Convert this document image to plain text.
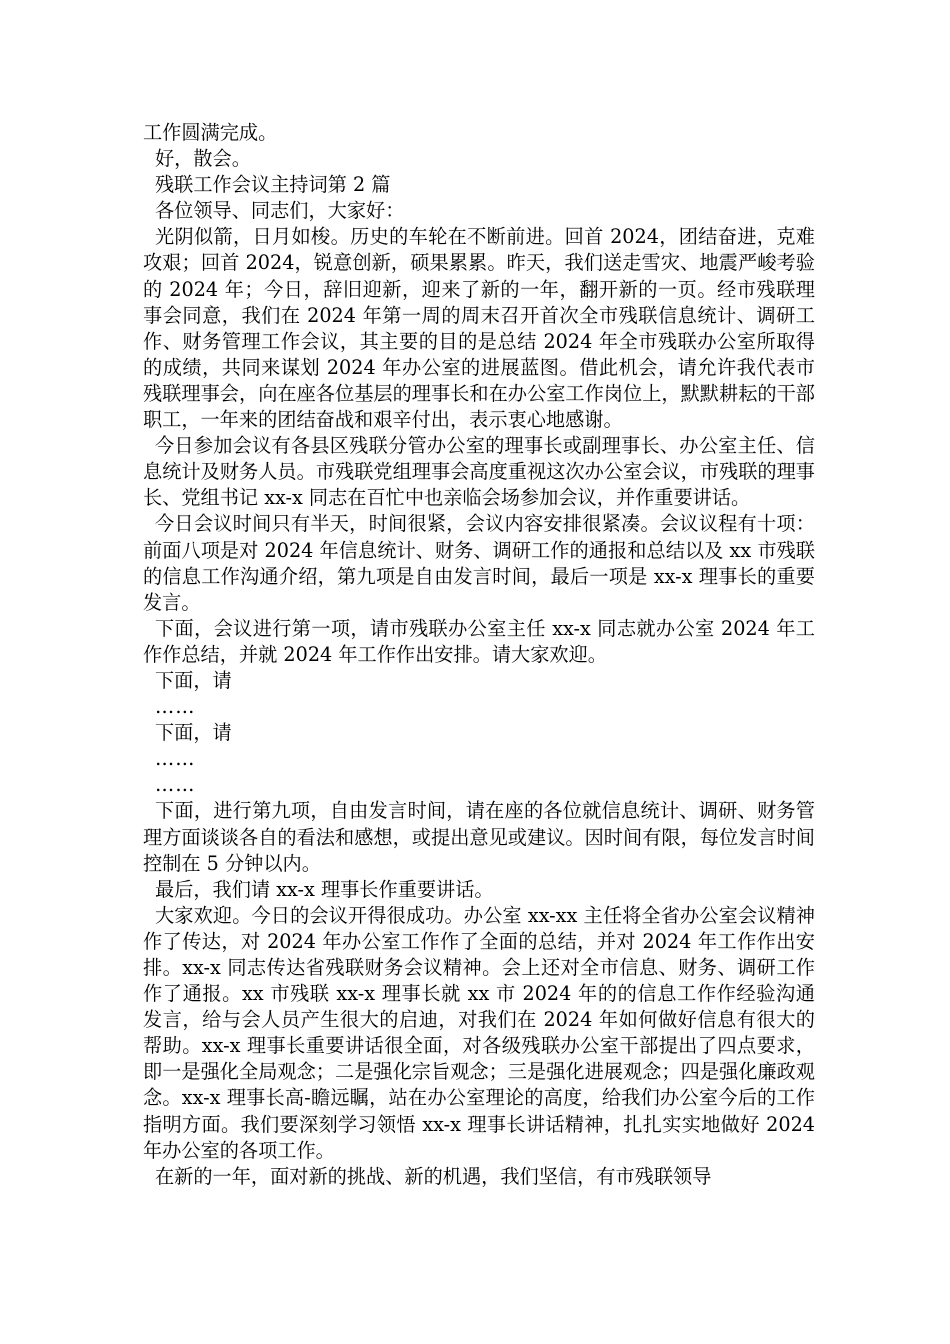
工作圆满完成。

好，散会。

残联工作会议主持词第 2 篇

各位领导、同志们，大家好：

光阴似箭，日月如梭。历史的车轮在不断前进。回首 2024，团结奋进，克难攻艰；回首 2024，锐意创新，硕果累累。昨天，我们送走雪灾、地震严峻考验的 2024 年；今日，辞旧迎新，迎来了新的一年，翻开新的一页。经市残联理事会同意，我们在 2024 年第一周的周末召开首次全市残联信息统计、调研工作、财务管理工作会议，其主要的目的是总结 2024 年全市残联办公室所取得的成绩，共同来谋划 2024 年办公室的进展蓝图。借此机会，请允许我代表市残联理事会，向在座各位基层的理事长和在办公室工作岗位上，默默耕耘的干部职工，一年来的团结奋战和艰辛付出，表示衷心地感谢。

今日参加会议有各县区残联分管办公室的理事长或副理事长、办公室主任、信息统计及财务人员。市残联党组理事会高度重视这次办公室会议，市残联的理事长、党组书记 xx-x 同志在百忙中也亲临会场参加会议，并作重要讲话。

今日会议时间只有半天，时间很紧，会议内容安排很紧凑。会议议程有十项：前面八项是对 2024 年信息统计、财务、调研工作的通报和总结以及 xx 市残联的信息工作沟通介绍，第九项是自由发言时间，最后一项是 xx-x 理事长的重要发言。

下面，会议进行第一项，请市残联办公室主任 xx-x 同志就办公室 2024 年工作作总结，并就 2024 年工作作出安排。请大家欢迎。

下面，请

……

下面，请

……

……

下面，进行第九项，自由发言时间，请在座的各位就信息统计、调研、财务管理方面谈谈各自的看法和感想，或提出意见或建议。因时间有限，每位发言时间控制在 5 分钟以内。

最后，我们请 xx-x 理事长作重要讲话。

大家欢迎。今日的会议开得很成功。办公室 xx-xx 主任将全省办公室会议精神作了传达，对 2024 年办公室工作作了全面的总结，并对 2024 年工作作出安排。xx-x 同志传达省残联财务会议精神。会上还对全市信息、财务、调研工作作了通报。xx 市残联 xx-x 理事长就 xx 市 2024 年的的信息工作作经验沟通发言，给与会人员产生很大的启迪，对我们在 2024 年如何做好信息有很大的帮助。xx-x 理事长重要讲话很全面，对各级残联办公室干部提出了四点要求，即一是强化全局观念；二是强化宗旨观念；三是强化进展观念；四是强化廉政观念。xx-x 理事长高-瞻远瞩，站在办公室理论的高度，给我们办公室今后的工作指明方面。我们要深刻学习领悟 xx-x 理事长讲话精神，扎扎实实地做好 2024 年办公室的各项工作。

在新的一年，面对新的挑战、新的机遇，我们坚信，有市残联领导
